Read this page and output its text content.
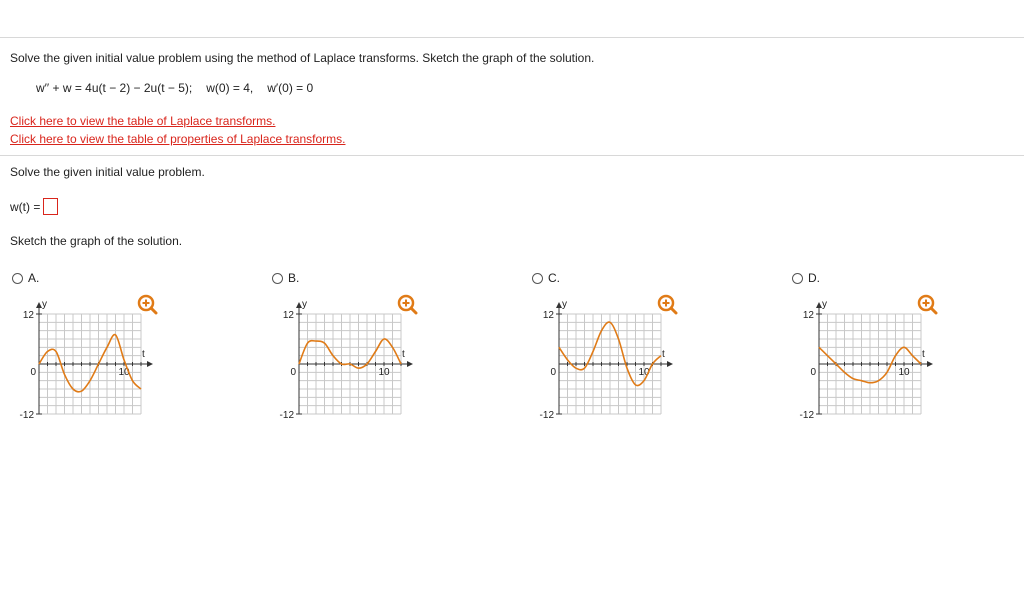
Solve the given initial value problem using the method of Laplace transforms. Sketch the graph of the solution.
w′′ + w = 4u(t − 2) − 2u(t − 5); w(0) = 4, w′(0) = 0
Click here to view the table of Laplace transforms.
Click here to view the table of properties of Laplace transforms.
Solve the given initial value problem.
w(t) =
Sketch the graph of the solution.
A.	B.	C.	D.
y
t
12
-12
10
0
y
t
12
-12
10
0
y
t
12
-12
10
0
y
t
12
-12
10
0
